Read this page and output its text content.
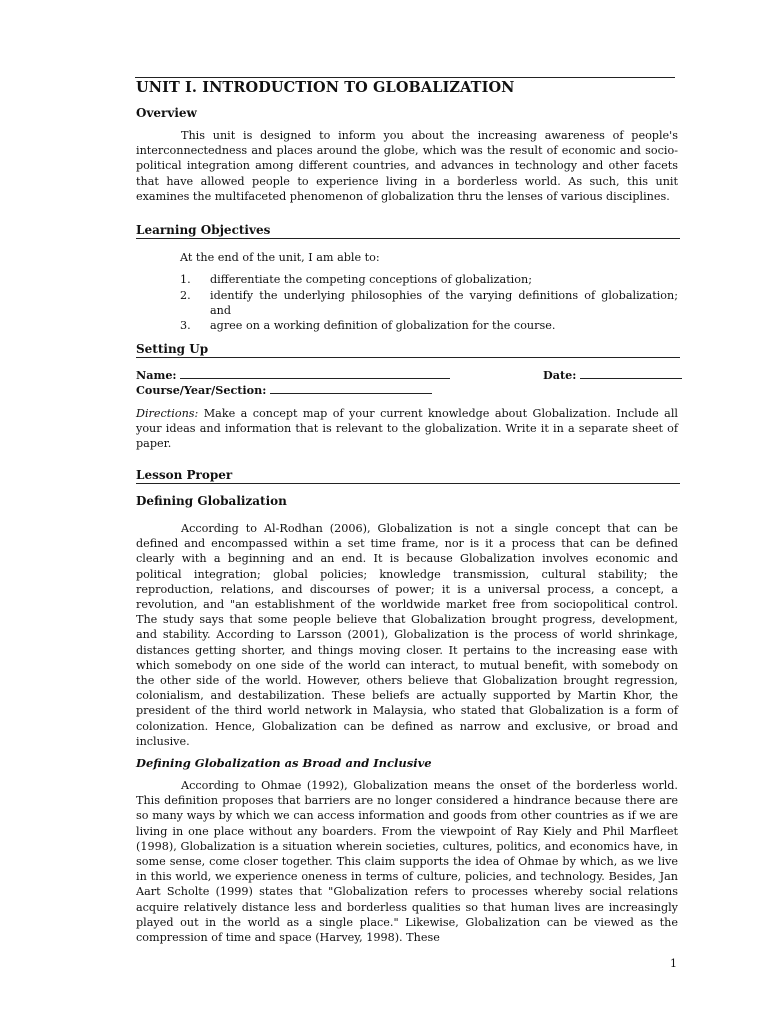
UNIT I. INTRODUCTION TO GLOBALIZATION
Overview

This unit is designed to inform you about the increasing awareness of people's interconnectedness and places around the globe, which was the result of economic and socio-political integration among different countries, and advances in technology and other facets that have allowed people to experience living in a borderless world. As such, this unit examines the multifaceted phenomenon of globalization thru the lenses of various disciplines.

Learning Objectives

At the end of the unit, I am able to:

1. differentiate the competing conceptions of globalization;
2. identify the underlying philosophies of the varying definitions of globalization; and
3. agree on a working definition of globalization for the course.
Setting Up

Name:	Date:

Course/Year/Section:

Directions: Make a concept map of your current knowledge about Globalization. Include all your ideas and information that is relevant to the globalization. Write it in a separate sheet of paper.

Lesson Proper
Defining Globalization

According to Al-Rodhan (2006), Globalization is not a single concept that can be defined and encompassed within a set time frame, nor is it a process that can be defined clearly with a beginning and an end. It is because Globalization involves economic and political integration; global policies; knowledge transmission, cultural stability; the reproduction, relations, and discourses of power; it is a universal process, a concept, a revolution, and "an establishment of the worldwide market free from sociopolitical control. The study says that some people believe that Globalization brought progress, development, and stability. According to Larsson (2001), Globalization is the process of world shrinkage, distances getting shorter, and things moving closer. It pertains to the increasing ease with which somebody on one side of the world can interact, to mutual benefit, with somebody on the other side of the world. However, others believe that Globalization brought regression, colonialism, and destabilization. These beliefs are actually supported by Martin Khor, the president of the third world network in Malaysia, who stated that Globalization is a form of colonization. Hence, Globalization can be defined as narrow and exclusive, or broad and inclusive.

Defining Globalization as Broad and Inclusive

According to Ohmae (1992), Globalization means the onset of the borderless world. This definition proposes that barriers are no longer considered a hindrance because there are so many ways by which we can access information and goods from other countries as if we are living in one place without any boarders. From the viewpoint of Ray Kiely and Phil Marfleet (1998), Globalization is a situation wherein societies, cultures, politics, and economics have, in some sense, come closer together. This claim supports the idea of Ohmae by which, as we live in this world, we experience oneness in terms of culture, policies, and technology. Besides, Jan Aart Scholte (1999) states that "Globalization refers to processes whereby social relations acquire relatively distance less and borderless qualities so that human lives are increasingly played out in the world as a single place." Likewise, Globalization can be viewed as the compression of time and space (Harvey, 1998). These

1
